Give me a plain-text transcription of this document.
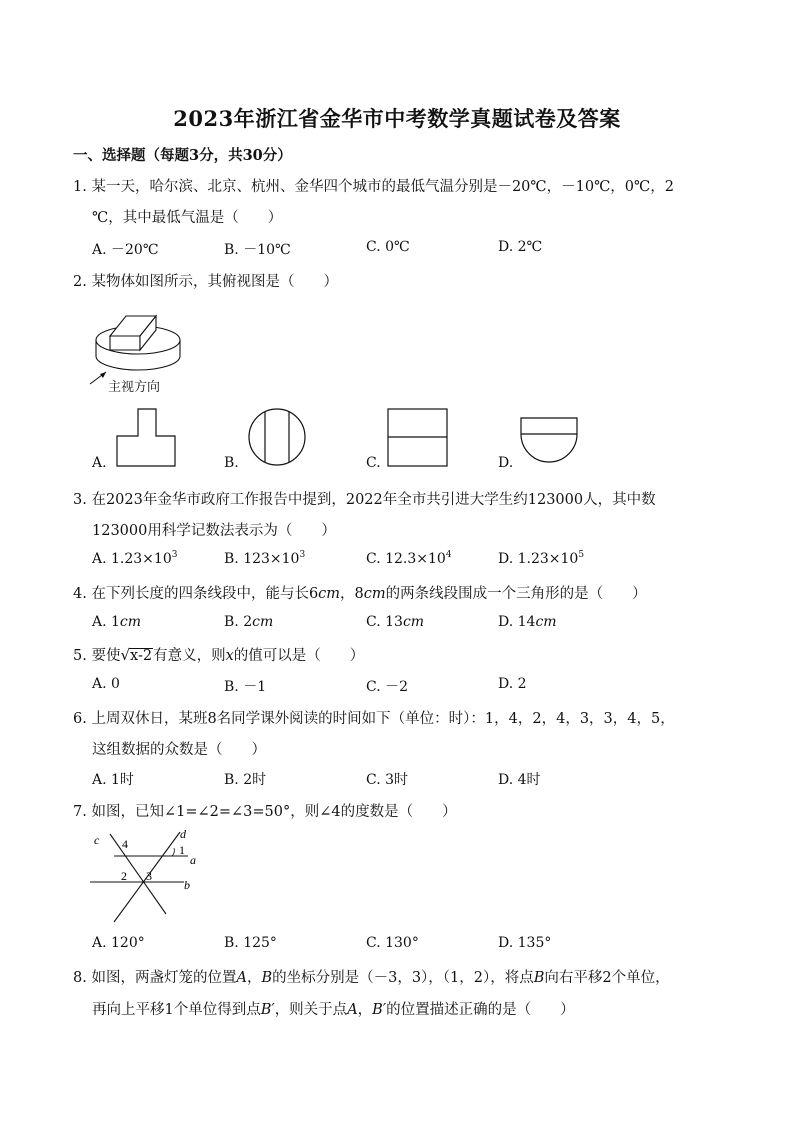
2023年浙江省金华市中考数学真题试卷及答案
一、选择题（每题3分，共30分）
1. 某一天，哈尔滨、北京、杭州、金华四个城市的最低气温分别是－20℃，－10℃，0℃，2
℃，其中最低气温是（　　）
A. －20℃	B. －10℃	C. 0℃	D. 2℃
2. 某物体如图所示，其俯视图是（　　）
主视方向
A.	B.	C.	D.
3. 在2023年金华市政府工作报告中提到，2022年全市共引进大学生约123000人，其中数
123000用科学记数法表示为（　　）
A. $1.23\times 10^3$	B. $123\times 10^3$	C. $12.3\times 10^4$	D. $1.23\times 10^5$
4. 在下列长度的四条线段中，能与长6cm，8cm的两条线段围成一个三角形的是（　　）
A. 1cm	B. 2cm	C. 13cm	D. 14cm
5. 要使√x-2有意义，则x的值可以是（　　）
A. 0	B. －1	C. －2	D. 2
6. 上周双休日，某班8名同学课外阅读的时间如下（单位：时）：1，4，2，4，3，3，4，5，
这组数据的众数是（　　）
A. 1时	B. 2时	C. 3时	D. 4时
7. 如图，已知∠1=∠2=∠3=50°，则∠4的度数是（　　）
c 4
d
1
a
2 3
b
A. 120°	B. 125°	C. 130°	D. 135°
8. 如图，两盏灯笼的位置A，B的坐标分别是（－3，3），（1，2），将点B向右平移2个单位，
再向上平移1个单位得到点B′，则关于点A，B′的位置描述正确的是（　　）
